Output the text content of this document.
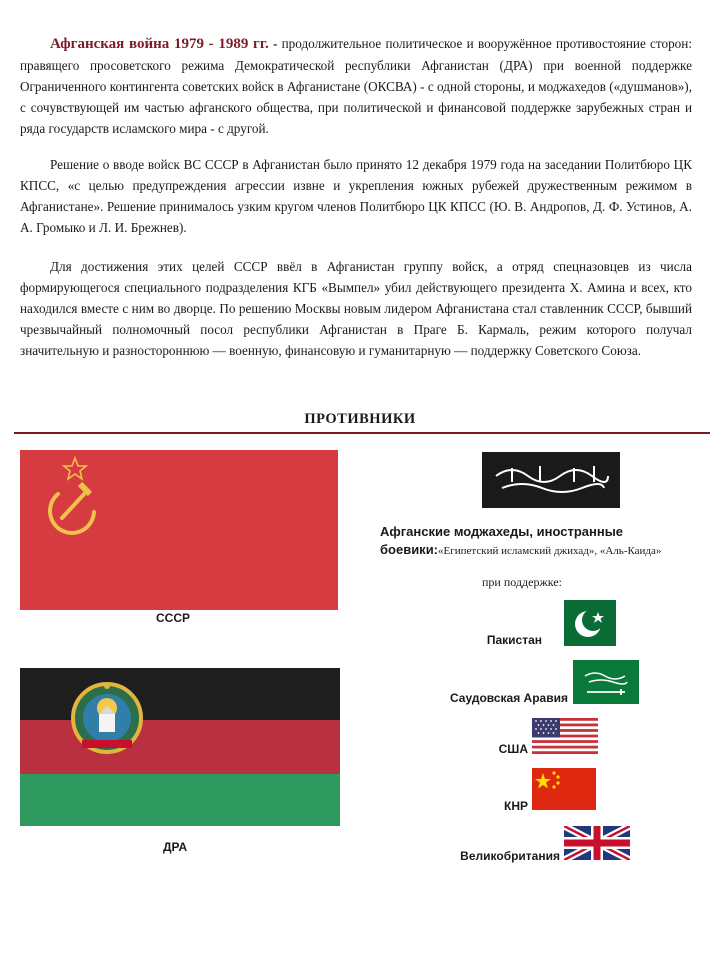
Афганская война 1979 - 1989 гг. - продолжительное политическое и вооружённое противостояние сторон: правящего просоветского режима Демократической республики Афганистан (ДРА) при военной поддержке Ограниченного контингента советских войск в Афганистане (ОКСВА) - с одной стороны, и моджахедов («душманов»), с сочувствующей им частью афганского общества, при политической и финансовой поддержке зарубежных стран и ряда государств исламского мира - с другой.
Решение о вводе войск ВС СССР в Афганистан было принято 12 декабря 1979 года на заседании Политбюро ЦК КПСС, «с целью предупреждения агрессии извне и укрепления южных рубежей дружественным режимом в Афганистане». Решение принималось узким кругом членов Политбюро ЦК КПСС (Ю. В. Андропов, Д. Ф. Устинов, А. А. Громыко и Л. И. Брежнев).
Для достижения этих целей СССР ввёл в Афганистан группу войск, а отряд спецназовцев из числа формирующегося специального подразделения КГБ «Вымпел» убил действующего президента Х. Амина и всех, кто находился вместе с ним во дворце. По решению Москвы новым лидером Афганистана стал ставленник СССР, бывший чрезвычайный полномочный посол республики Афганистан в Праге Б. Кармаль, режим которого получал значительную и разностороннюю — военную, финансовую и гуманитарную — поддержку Советского Союза.
ПРОТИВНИКИ
СССР
ДРА
Афганские моджахеды, иностранные боевики:«Египетский исламский джихад», «Аль-Каида»
при поддержке:
Пакистан
Саудовская Аравия
США
КНР
Великобритания
